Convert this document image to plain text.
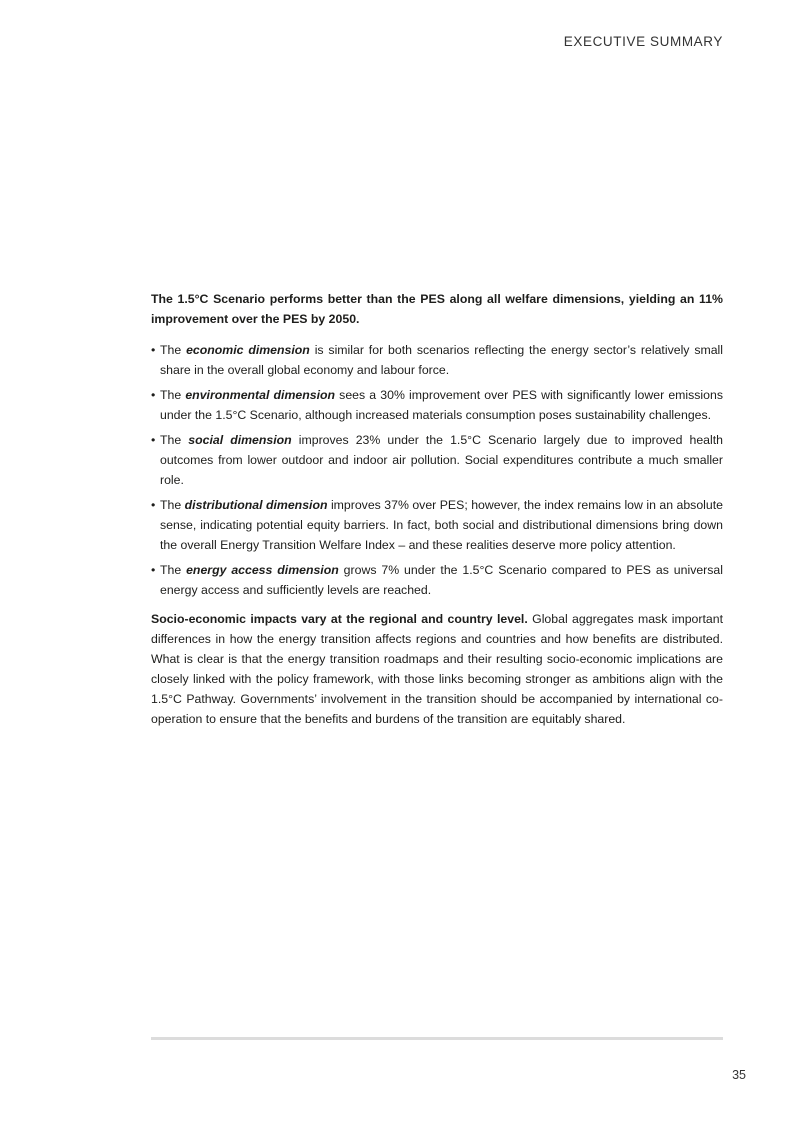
EXECUTIVE SUMMARY

The 1.5°C Scenario performs better than the PES along all welfare dimensions, yielding an 11% improvement over the PES by 2050.

• The economic dimension is similar for both scenarios reflecting the energy sector’s relatively small share in the overall global economy and labour force.
• The environmental dimension sees a 30% improvement over PES with significantly lower emissions under the 1.5°C Scenario, although increased materials consumption poses sustainability challenges.
• The social dimension improves 23% under the 1.5°C Scenario largely due to improved health outcomes from lower outdoor and indoor air pollution. Social expenditures contribute a much smaller role.
• The distributional dimension improves 37% over PES; however, the index remains low in an absolute sense, indicating potential equity barriers. In fact, both social and distributional dimensions bring down the overall Energy Transition Welfare Index – and these realities deserve more policy attention.
• The energy access dimension grows 7% under the 1.5°C Scenario compared to PES as universal energy access and sufficiently levels are reached.

Socio-economic impacts vary at the regional and country level. Global aggregates mask important differences in how the energy transition affects regions and countries and how benefits are distributed. What is clear is that the energy transition roadmaps and their resulting socio-economic implications are closely linked with the policy framework, with those links becoming stronger as ambitions align with the 1.5°C Pathway. Governments’ involvement in the transition should be accompanied by international co-operation to ensure that the benefits and burdens of the transition are equitably shared.

35
